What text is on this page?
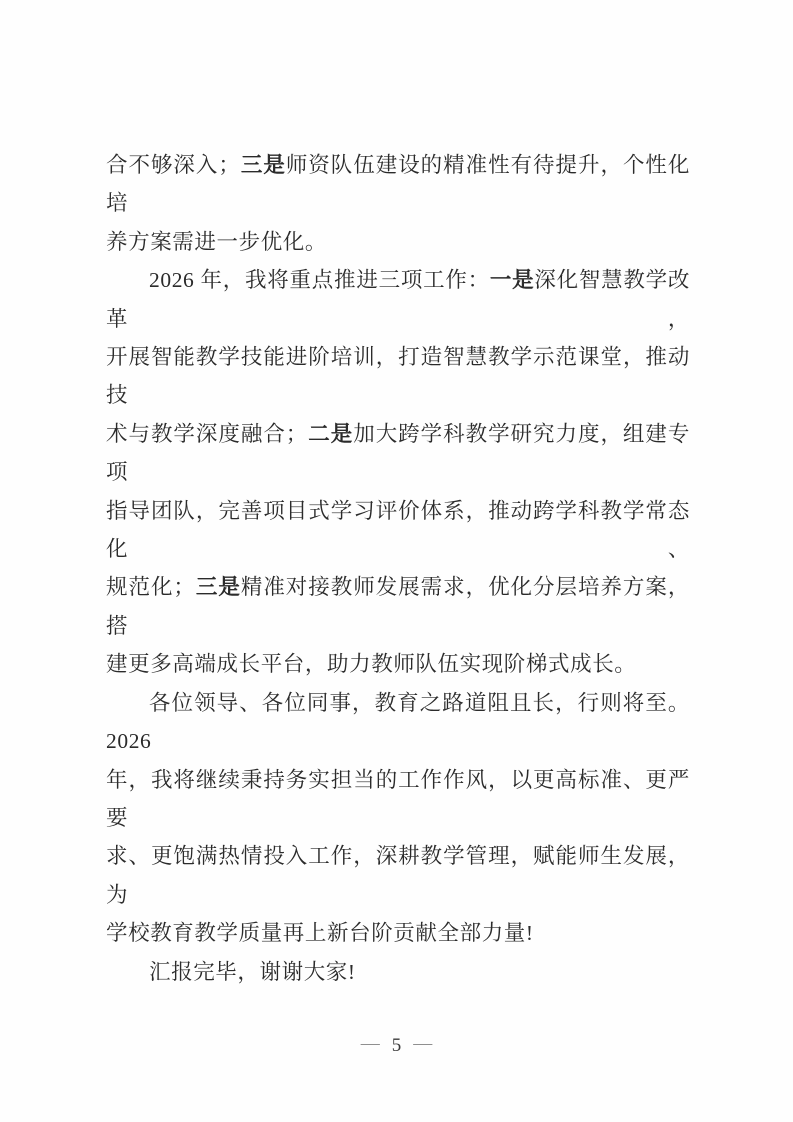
合不够深入；三是师资队伍建设的精准性有待提升，个性化培
养方案需进一步优化。
2026 年，我将重点推进三项工作：一是深化智慧教学改革，
开展智能教学技能进阶培训，打造智慧教学示范课堂，推动技
术与教学深度融合；二是加大跨学科教学研究力度，组建专项
指导团队，完善项目式学习评价体系，推动跨学科教学常态化、
规范化；三是精准对接教师发展需求，优化分层培养方案，搭
建更多高端成长平台，助力教师队伍实现阶梯式成长。
各位领导、各位同事，教育之路道阻且长，行则将至。2026
年，我将继续秉持务实担当的工作作风，以更高标准、更严要
求、更饱满热情投入工作，深耕教学管理，赋能师生发展，为
学校教育教学质量再上新台阶贡献全部力量!
汇报完毕，谢谢大家!
— 5 —
